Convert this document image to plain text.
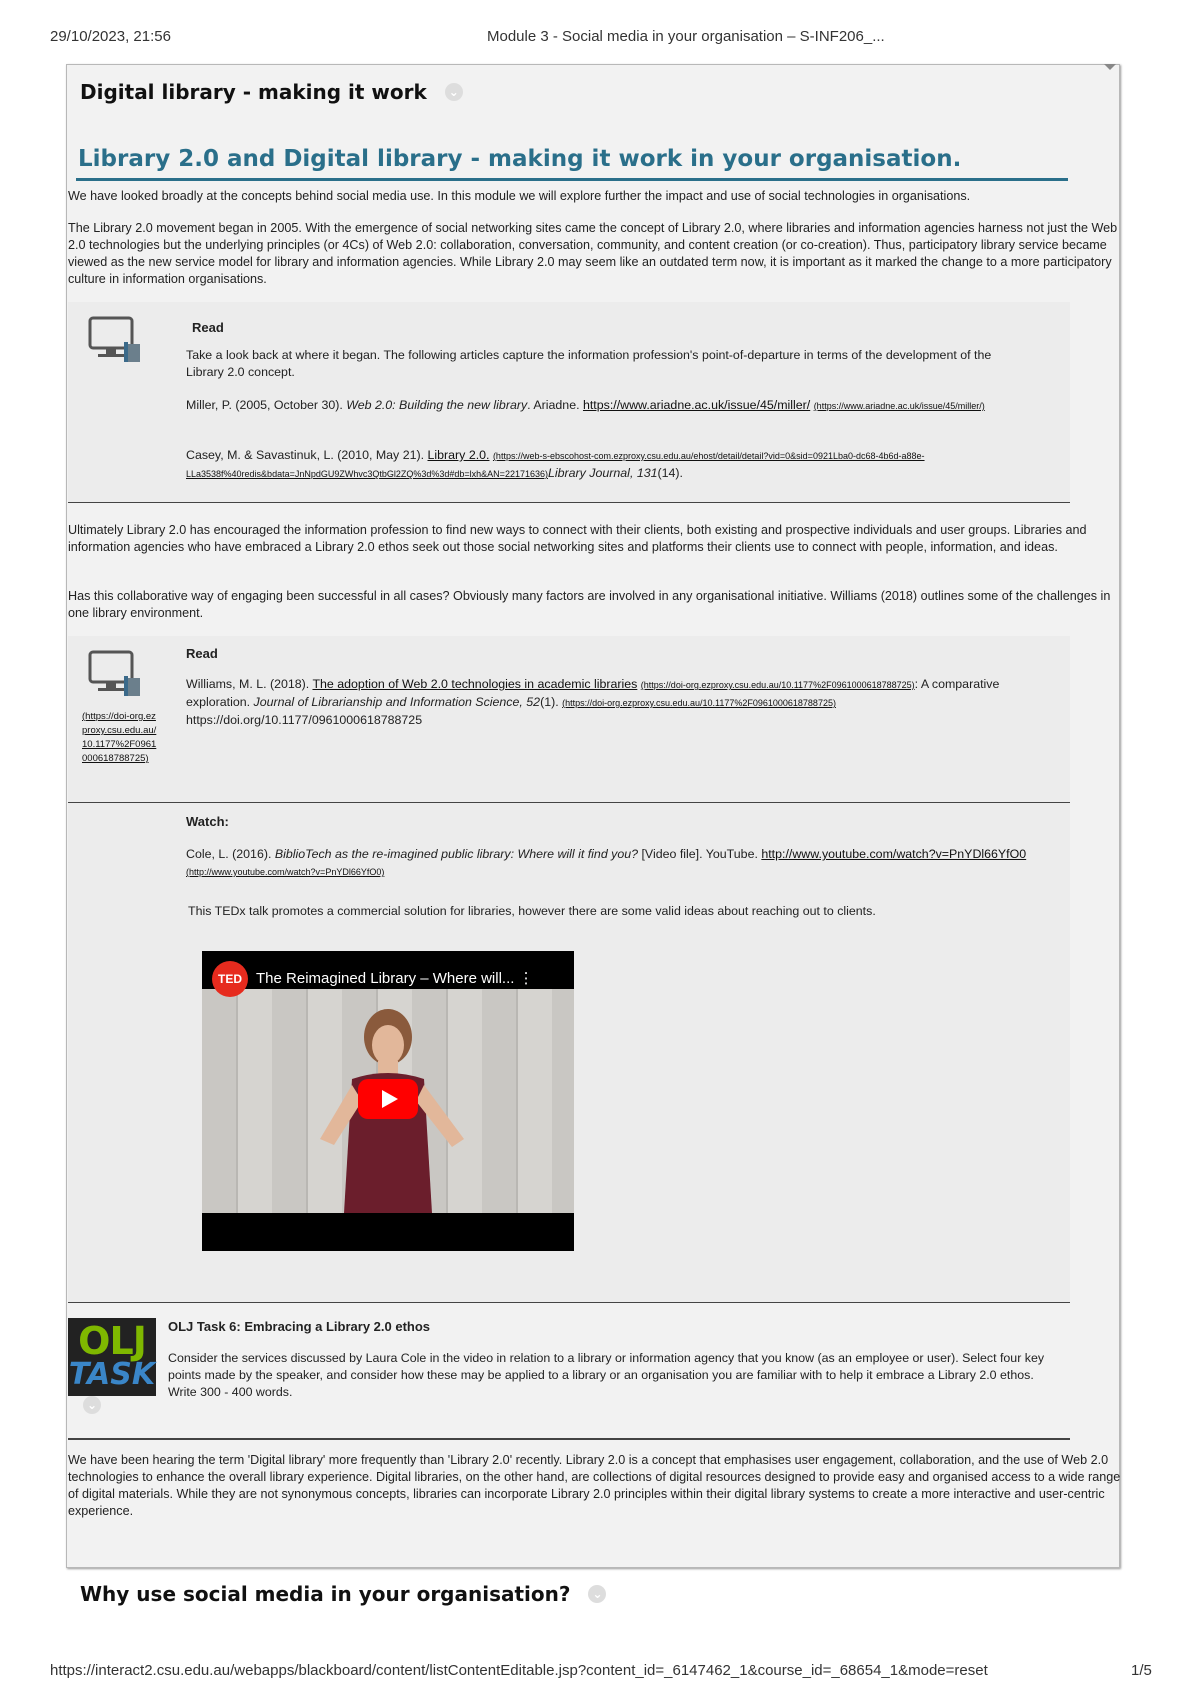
29/10/2023, 21:56	Module 3 - Social media in your organisation – S-INF206_...
Digital library - making it work ⌄
Library 2.0 and Digital library - making it work in your organisation.
We have looked broadly at the concepts behind social media use. In this module we will explore further the impact and use of social technologies in organisations.
The Library 2.0 movement began in 2005. With the emergence of social networking sites came the concept of Library 2.0, where libraries and information agencies harness not just the Web 2.0 technologies but the underlying principles (or 4Cs) of Web 2.0: collaboration, conversation, community, and content creation (or co-creation). Thus, participatory library service became viewed as the new service model for library and information agencies. While Library 2.0 may seem like an outdated term now, it is important as it marked the change to a more participatory culture in information organisations.
Read
Take a look back at where it began. The following articles capture the information profession's point-of-departure in terms of the development of the Library 2.0 concept.
Miller, P. (2005, October 30). Web 2.0: Building the new library. Ariadne. https://www.ariadne.ac.uk/issue/45/miller/ (https://www.ariadne.ac.uk/issue/45/miller/)
Casey, M. & Savastinuk, L. (2010, May 21). Library 2.0. (https://web-s-ebscohost-com.ezproxy.csu.edu.au/ehost/detail/detail?vid=0&sid=0921Lba0-dc68-4b6d-a88e-LLa3538f%40redis&bdata=JnNpdGU9ZWhvc3QtbGl2ZQ%3d%3d#db=lxh&AN=22171636)Library Journal, 131(14).
Ultimately Library 2.0 has encouraged the information profession to find new ways to connect with their clients, both existing and prospective individuals and user groups. Libraries and information agencies who have embraced a Library 2.0 ethos seek out those social networking sites and platforms their clients use to connect with people, information, and ideas.
Has this collaborative way of engaging been successful in all cases? Obviously many factors are involved in any organisational initiative. Williams (2018) outlines some of the challenges in one library environment.
(https://doi-org.ezproxy.csu.edu.au/10.1177%2F0961000618788725)
Read
Williams, M. L. (2018). The adoption of Web 2.0 technologies in academic libraries (https://doi-org.ezproxy.csu.edu.au/10.1177%2F0961000618788725): A comparative exploration. Journal of Librarianship and Information Science, 52(1). (https://doi-org.ezproxy.csu.edu.au/10.1177%2F0961000618788725) https://doi.org/10.1177/0961000618788725
Watch:
Cole, L. (2016). BiblioTech as the re-imagined public library: Where will it find you? [Video file]. YouTube. http://www.youtube.com/watch?v=PnYDl66YfO0 (http://www.youtube.com/watch?v=PnYDl66YfO0)
This TEDx talk promotes a commercial solution for libraries, however there are some valid ideas about reaching out to clients.
TED The Reimagined Library – Where will... ⋮
OLJ
TASK
⌄
OLJ Task 6: Embracing a Library 2.0 ethos
Consider the services discussed by Laura Cole in the video in relation to a library or information agency that you know (as an employee or user). Select four key points made by the speaker, and consider how these may be applied to a library or an organisation you are familiar with to help it embrace a Library 2.0 ethos. Write 300 - 400 words.
We have been hearing the term 'Digital library' more frequently than 'Library 2.0' recently. Library 2.0 is a concept that emphasises user engagement, collaboration, and the use of Web 2.0 technologies to enhance the overall library experience. Digital libraries, on the other hand, are collections of digital resources designed to provide easy and organised access to a wide range of digital materials. While they are not synonymous concepts, libraries can incorporate Library 2.0 principles within their digital library systems to create a more interactive and user-centric experience.
Why use social media in your organisation? ⌄
https://interact2.csu.edu.au/webapps/blackboard/content/listContentEditable.jsp?content_id=_6147462_1&course_id=_68654_1&mode=reset	1/5
